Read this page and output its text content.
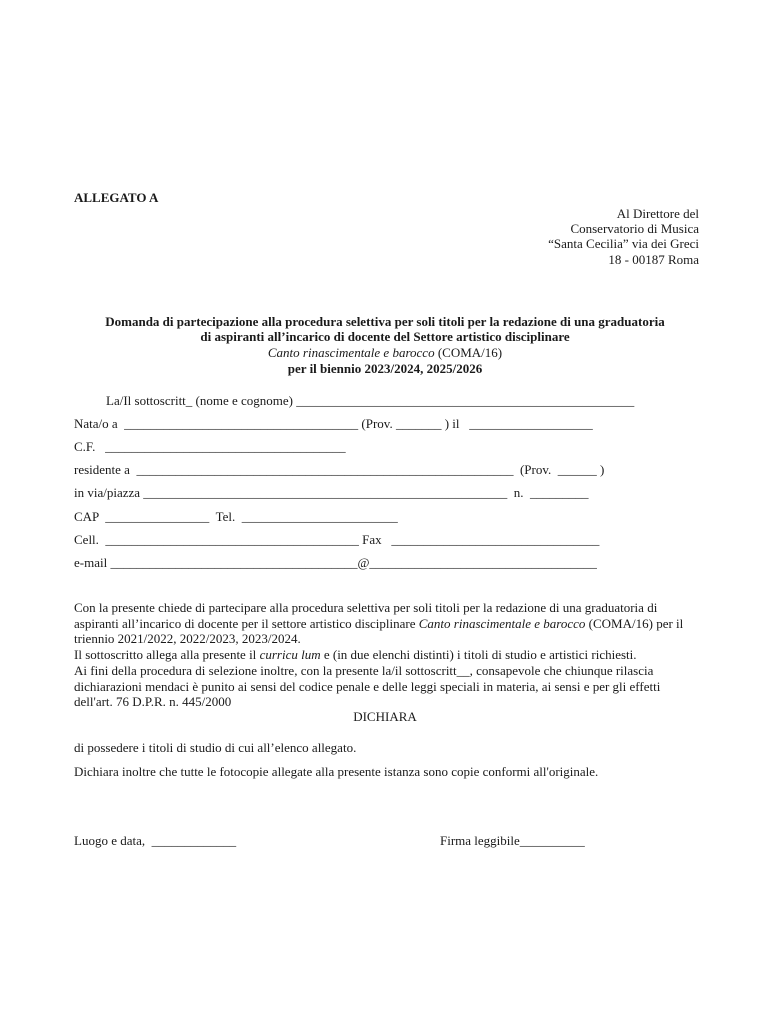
ALLEGATO A
Al Direttore del
Conservatorio di Musica
“Santa Cecilia” via dei Greci
18 - 00187 Roma
Domanda di partecipazione alla procedura selettiva per soli titoli per la redazione di una graduatoria
di aspiranti all’incarico di docente del Settore artistico disciplinare
Canto rinascimentale e barocco (COMA/16)
per il biennio 2023/2024, 2025/2026
La/Il sottoscritt_ (nome e cognome) ____________________________________________________
Nata/o a  ____________________________________ (Prov. _______ ) il   ___________________
C.F.   _____________________________________
residente a  __________________________________________________________  (Prov.  ______ )
in via/piazza ________________________________________________________  n.  _________
CAP  ________________  Tel.  ________________________
Cell.  _______________________________________ Fax   ________________________________
e-mail ______________________________________@___________________________________
Con la presente chiede di partecipare alla procedura selettiva per soli titoli per la redazione di una graduatoria di aspiranti all’incarico di docente per il settore artistico disciplinare Canto rinascimentale e barocco (COMA/16) per il triennio 2021/2022, 2022/2023, 2023/2024.
Il sottoscritto allega alla presente il curricu lum e (in due elenchi distinti) i titoli di studio e artistici richiesti.
Ai fini della procedura di selezione inoltre, con la presente la/il sottoscritt__, consapevole che chiunque rilascia dichiarazioni mendaci è punito ai sensi del codice penale e delle leggi speciali in materia, ai sensi e per gli effetti dell'art. 76 D.P.R. n. 445/2000
DICHIARA
di possedere i titoli di studio di cui all’elenco allegato.
Dichiara inoltre che tutte le fotocopie allegate alla presente istanza sono copie conformi all'originale.
Luogo e data,  _____________	Firma leggibile__________
